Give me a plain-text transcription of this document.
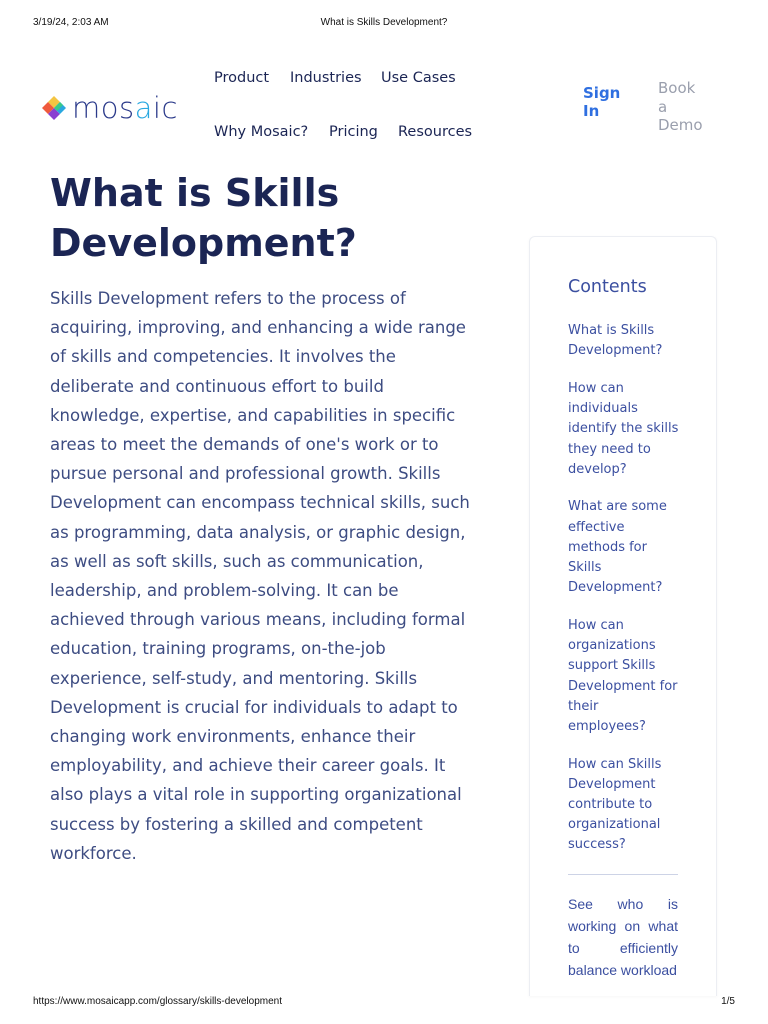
3/19/24, 2:03 AM	What is Skills Development?
mosaic
Product Industries Use Cases
Why Mosaic? Pricing Resources
Sign In
Book a Demo
What is Skills Development?

Skills Development refers to the process of acquiring, improving, and enhancing a wide range of skills and competencies. It involves the deliberate and continuous effort to build knowledge, expertise, and capabilities in specific areas to meet the demands of one's work or to pursue personal and professional growth. Skills Development can encompass technical skills, such as programming, data analysis, or graphic design, as well as soft skills, such as communication, leadership, and problem-solving. It can be achieved through various means, including formal education, training programs, on-the-job experience, self-study, and mentoring. Skills Development is crucial for individuals to adapt to changing work environments, enhance their employability, and achieve their career goals. It also plays a vital role in supporting organizational success by fostering a skilled and competent workforce.

Contents
What is Skills Development?
How can individuals identify the skills they need to develop?
What are some effective methods for Skills Development?
How can organizations support Skills Development for their employees?
How can Skills Development contribute to organizational success?
See who is working on what to efficiently balance workload
https://www.mosaicapp.com/glossary/skills-development	1/5
